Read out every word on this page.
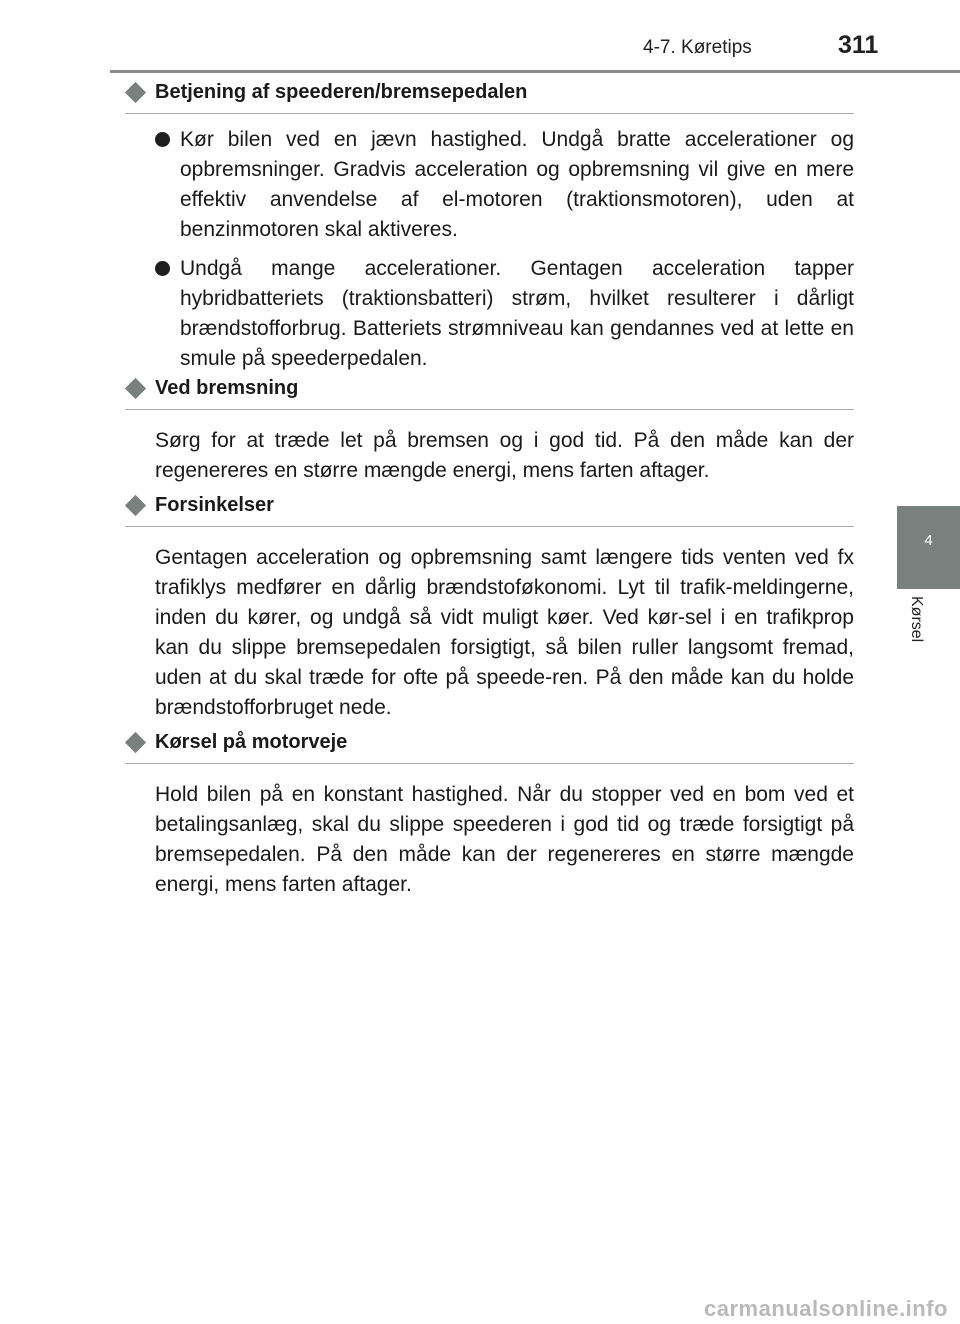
4-7. Køretips	311
4
Kørsel
Betjening af speederen/bremsepedalen
Kør bilen ved en jævn hastighed. Undgå bratte accelerationer og opbremsninger. Gradvis acceleration og opbremsning vil give en mere effektiv anvendelse af el-motoren (traktionsmotoren), uden at benzinmotoren skal aktiveres.
Undgå mange accelerationer. Gentagen acceleration tapper hybridbatteriets (traktionsbatteri) strøm, hvilket resulterer i dårligt brændstofforbrug. Batteriets strømniveau kan gendannes ved at lette en smule på speederpedalen.
Ved bremsning

Sørg for at træde let på bremsen og i god tid. På den måde kan der regenereres en større mængde energi, mens farten aftager.

Forsinkelser

Gentagen acceleration og opbremsning samt længere tids venten ved fx trafiklys medfører en dårlig brændstoføkonomi. Lyt til trafik-meldingerne, inden du kører, og undgå så vidt muligt køer. Ved kør-sel i en trafikprop kan du slippe bremsepedalen forsigtigt, så bilen ruller langsomt fremad, uden at du skal træde for ofte på speede-ren. På den måde kan du holde brændstofforbruget nede.

Kørsel på motorveje

Hold bilen på en konstant hastighed. Når du stopper ved en bom ved et betalingsanlæg, skal du slippe speederen i god tid og træde forsigtigt på bremsepedalen. På den måde kan der regenereres en større mængde energi, mens farten aftager.

carmanualsonline.info
